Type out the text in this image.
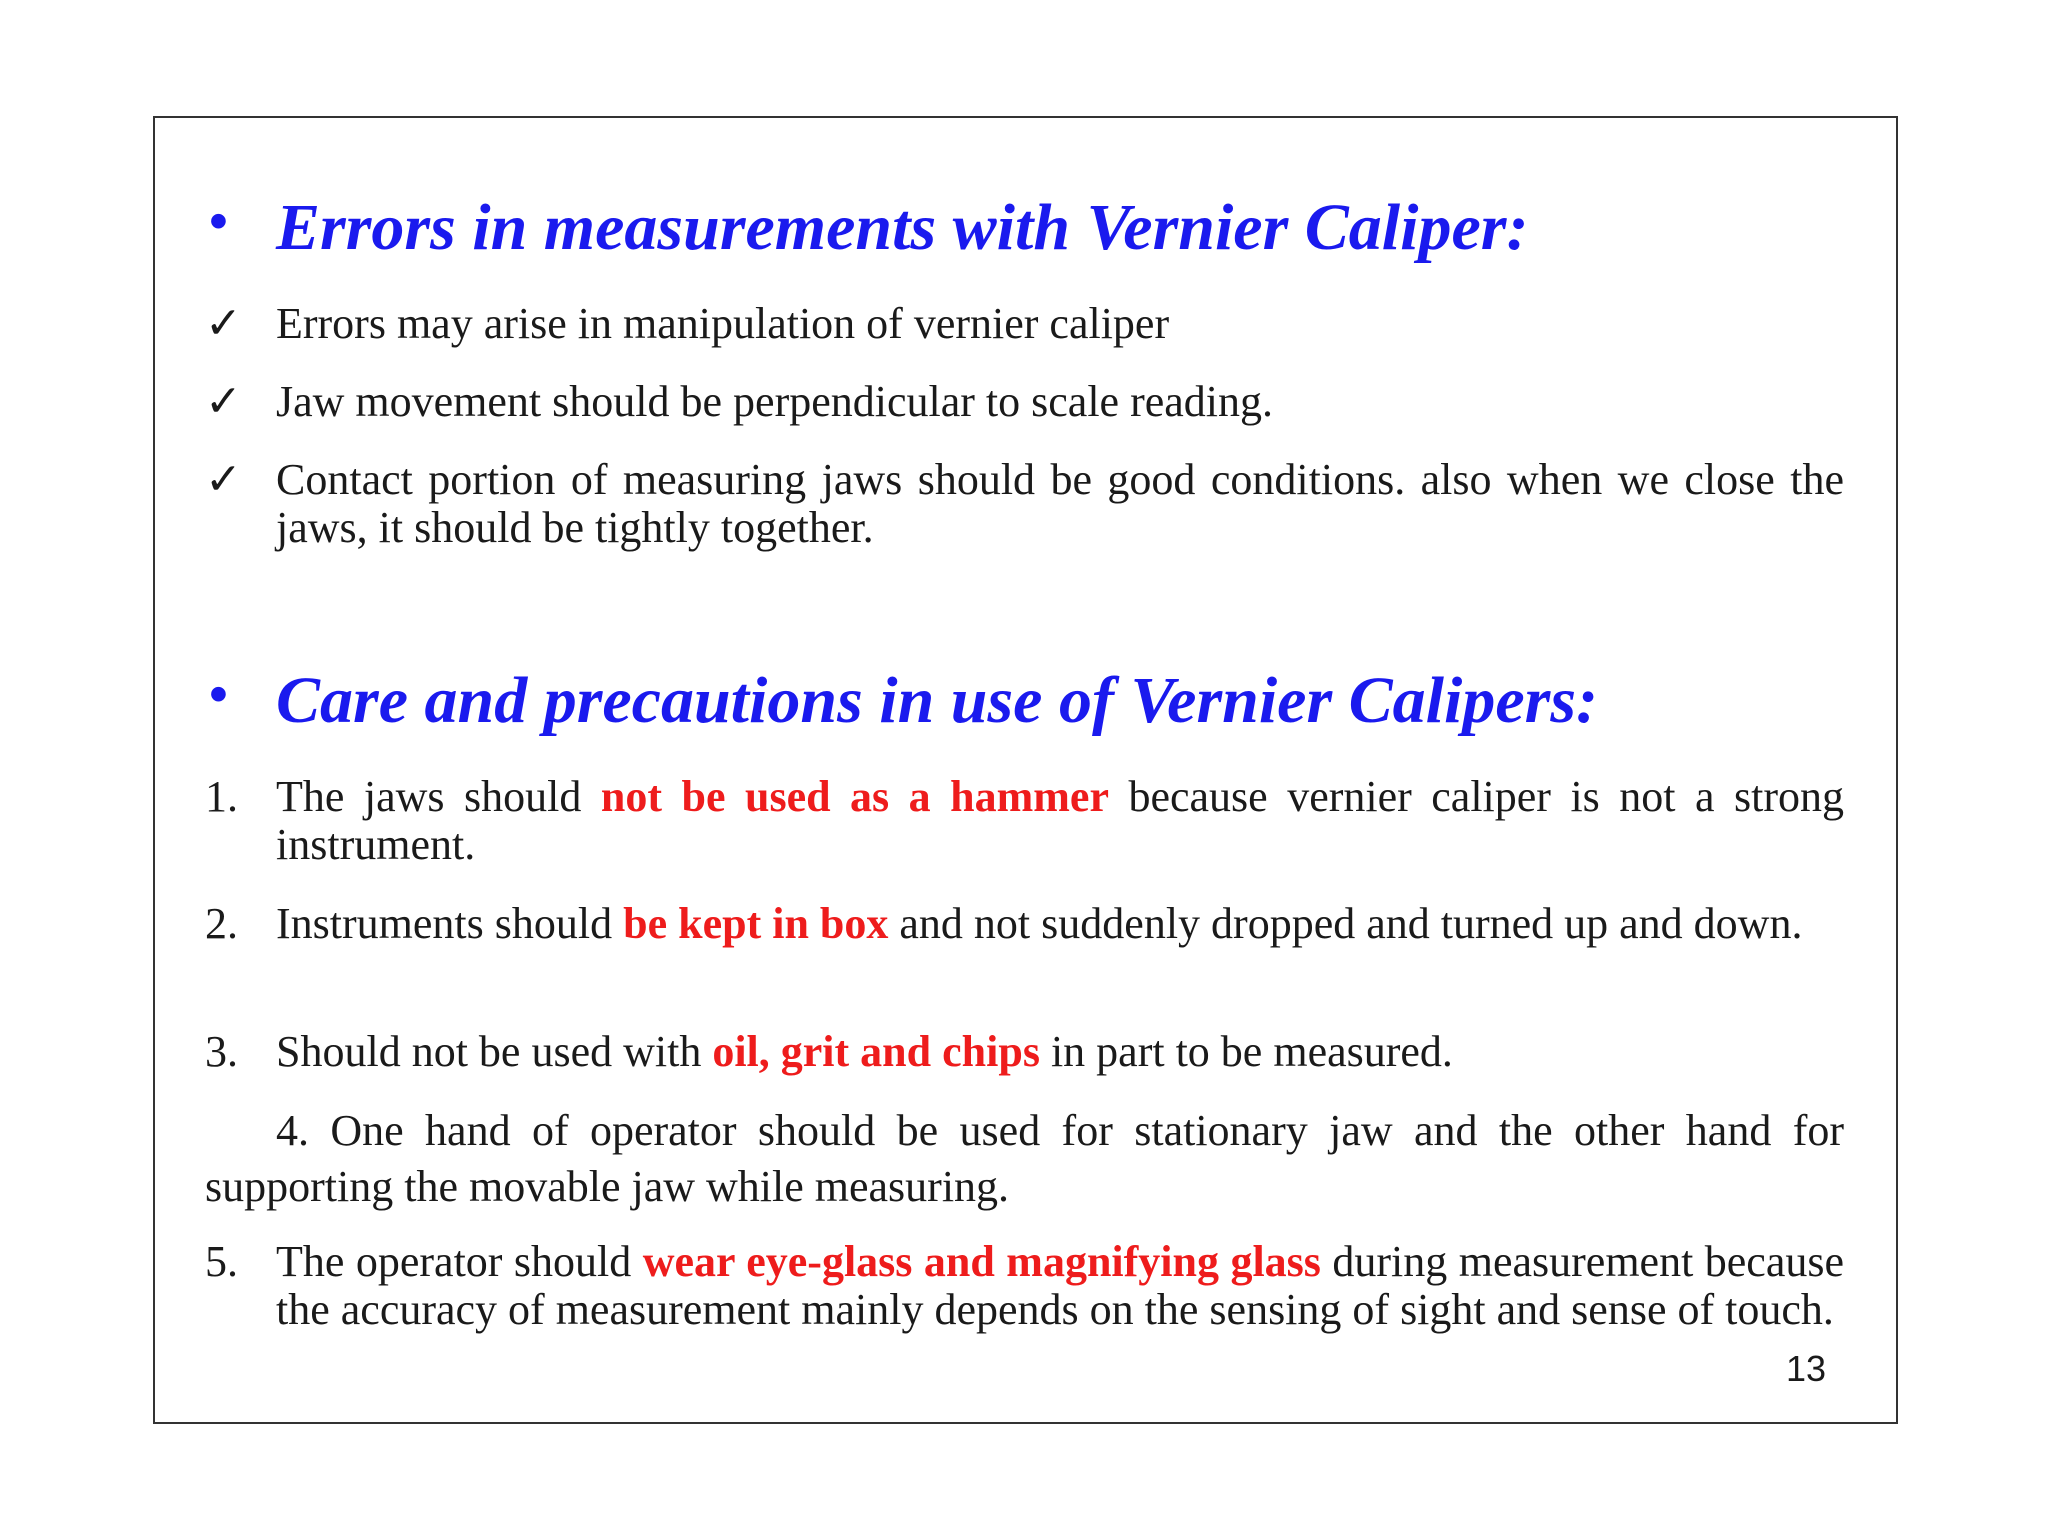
• Errors in measurements with Vernier Caliper:
✓ Errors may arise in manipulation of vernier caliper
✓ Jaw movement should be perpendicular to scale reading.
✓ Contact portion of measuring jaws should be good conditions. also when we close the jaws, it should be tightly together.
• Care and precautions in use of Vernier Calipers:
1. The jaws should not be used as a hammer because vernier caliper is not a strong instrument.
2. Instruments should be kept in box and not suddenly dropped and turned up and down.
3. Should not be used with oil, grit and chips in part to be measured.
4. One hand of operator should be used for stationary jaw and the other hand for supporting the movable jaw while measuring.
5. The operator should wear eye-glass and magnifying glass during measurement because the accuracy of measurement mainly depends on the sensing of sight and sense of touch.
13
